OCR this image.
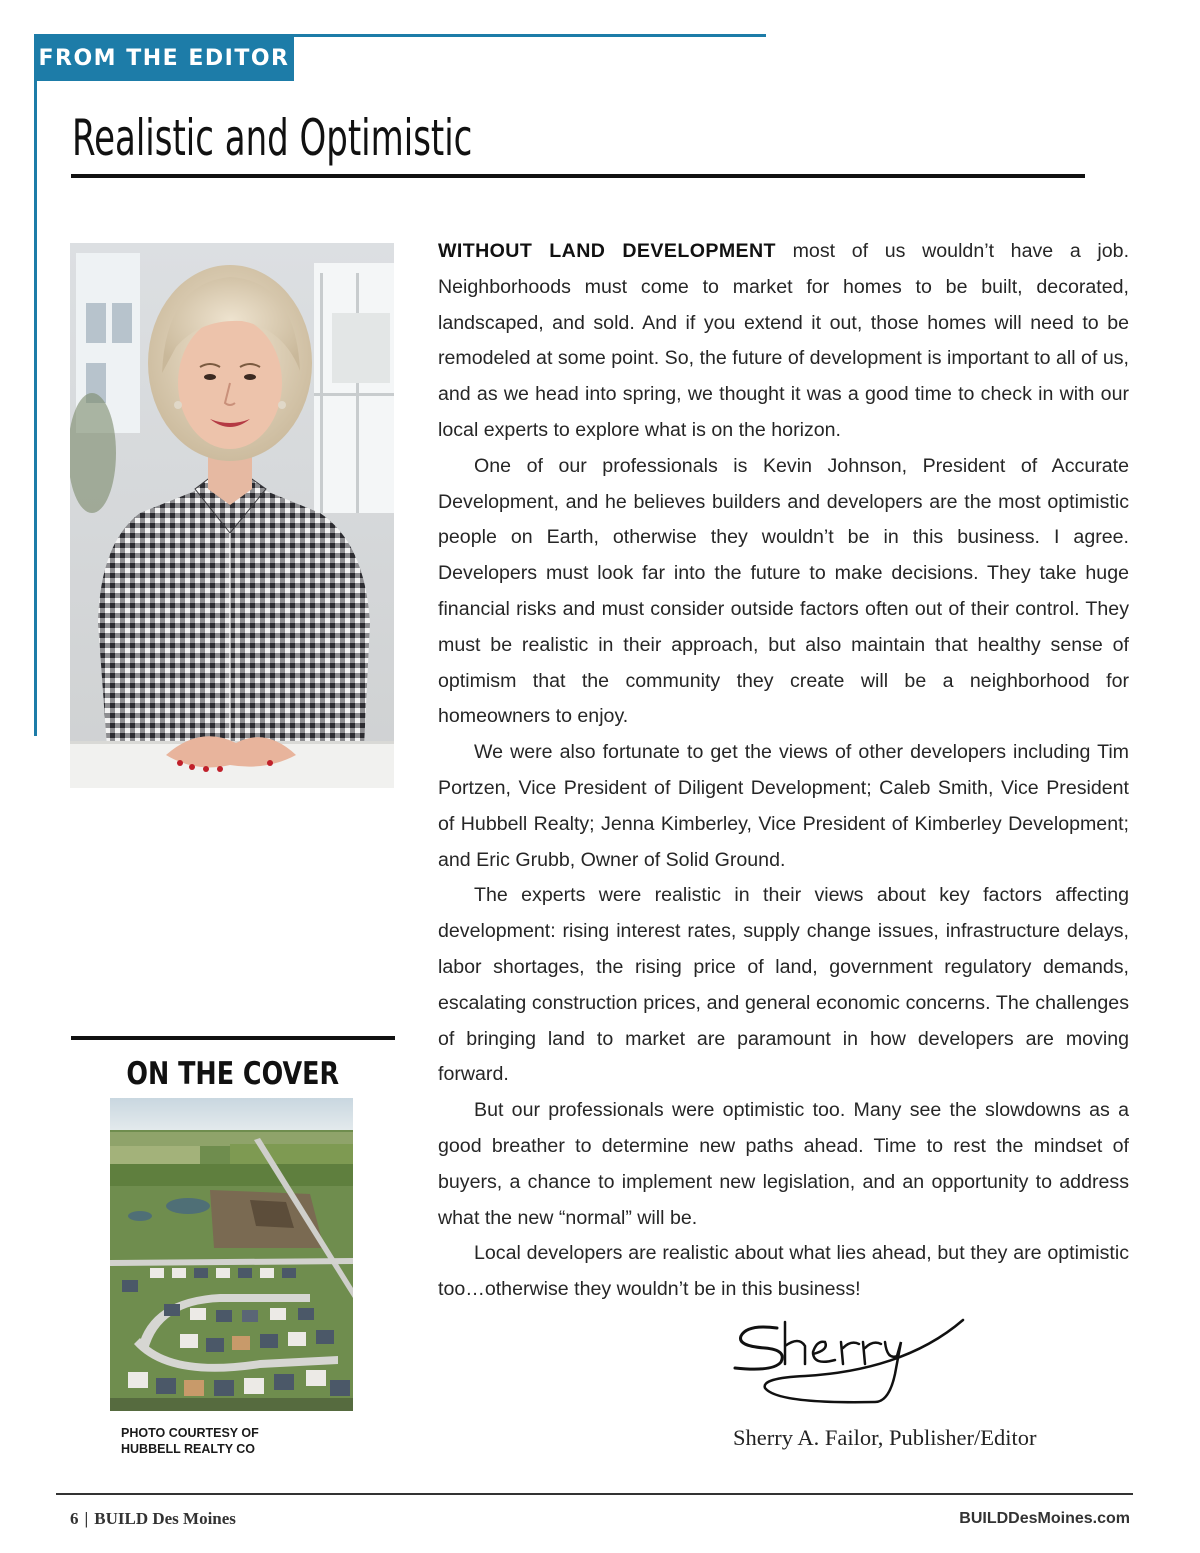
FROM THE EDITOR
Realistic and Optimistic

WITHOUT LAND DEVELOPMENT most of us wouldn’t have a job. Neighborhoods must come to market for homes to be built, decorated, landscaped, and sold. And if you extend it out, those homes will need to be remodeled at some point. So, the future of development is important to all of us, and as we head into spring, we thought it was a good time to check in with our local experts to explore what is on the horizon.

One of our professionals is Kevin Johnson, President of Accurate Development, and he believes builders and developers are the most optimistic people on Earth, otherwise they wouldn’t be in this business. I agree. Developers must look far into the future to make decisions. They take huge financial risks and must consider outside factors often out of their control. They must be realistic in their approach, but also maintain that healthy sense of optimism that the community they create will be a neighborhood for homeowners to enjoy.

We were also fortunate to get the views of other developers including Tim Portzen, Vice President of Diligent Development; Caleb Smith, Vice President of Hubbell Realty; Jenna Kimberley, Vice President of Kimberley Development; and Eric Grubb, Owner of Solid Ground.

The experts were realistic in their views about key factors affecting development: rising interest rates, supply change issues, infrastructure delays, labor shortages, the rising price of land, government regulatory demands, escalating construction prices, and general economic concerns. The challenges of bringing land to market are paramount in how developers are moving forward.

But our professionals were optimistic too. Many see the slowdowns as a good breather to determine new paths ahead. Time to rest the mindset of buyers, a chance to implement new legislation, and an opportunity to address what the new “normal” will be.

Local developers are realistic about what lies ahead, but they are optimistic too…otherwise they wouldn’t be in this business!

ON THE COVER
PHOTO COURTESY OF
HUBBELL REALTY CO	Sherry A. Failor, Publisher/Editor
6 | BUILD Des Moines	BUILDDesMoines.com
